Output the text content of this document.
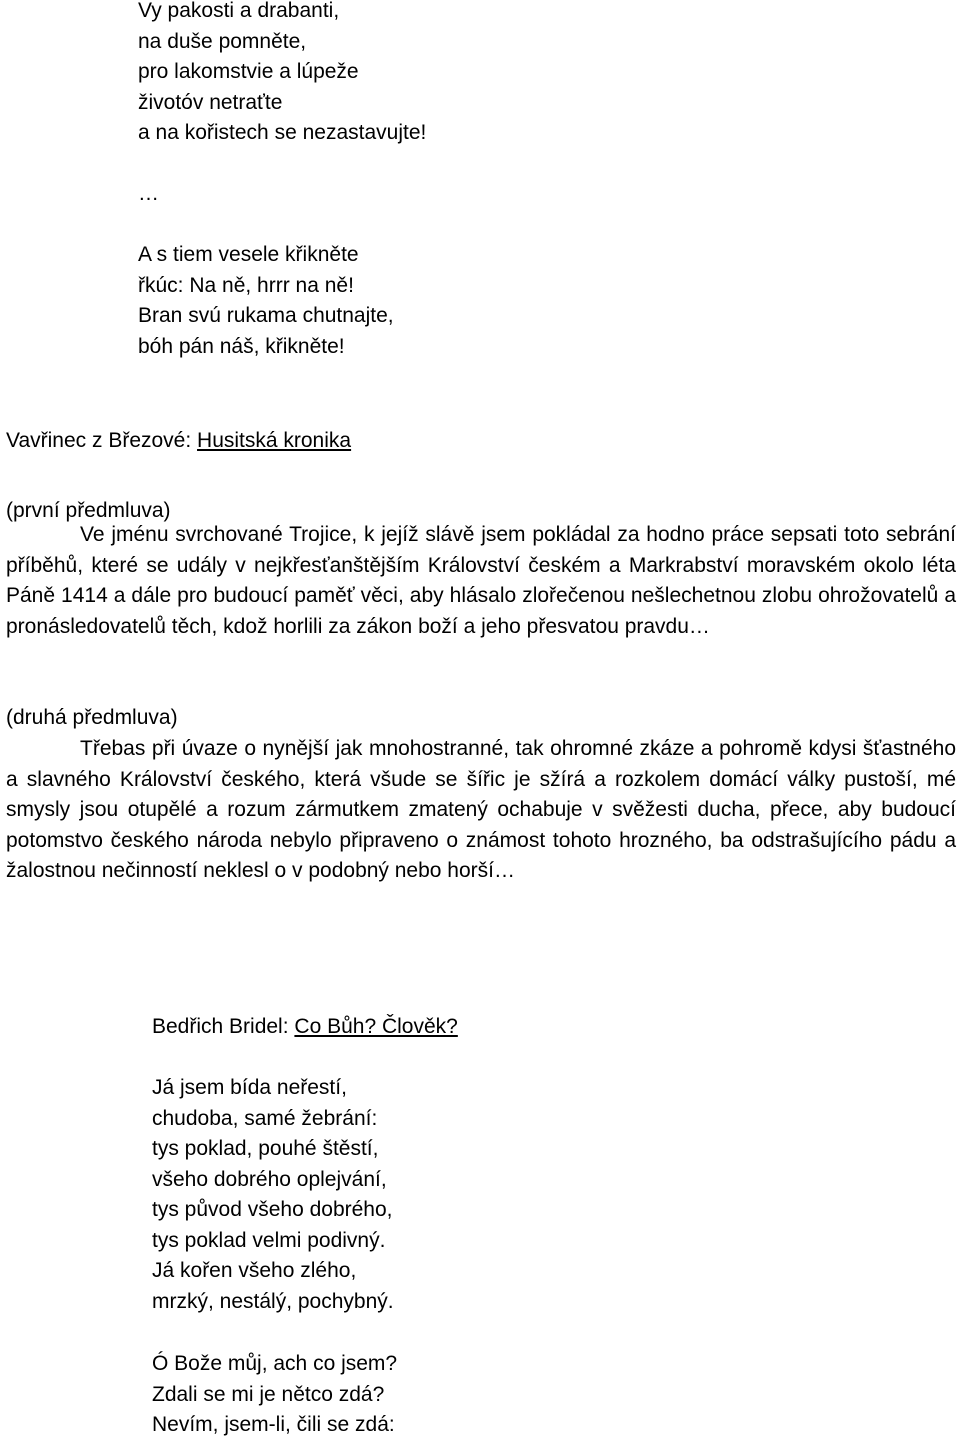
Vy pakosti a drabanti,
na duše pomněte,
pro lakomstvie a lúpeže
životóv netraťte
a na kořistech se nezastavujte!
…
A s tiem vesele křikněte
řkúc: Na ně, hrrr na ně!
Bran svú rukama chutnajte,
bóh pán náš, křikněte!

Vavřinec z Březové: Husitská kronika

(první předmluva)

Ve jménu svrchované Trojice, k jejíž slávě jsem pokládal za hodno práce sepsati toto sebrání příběhů, které se udály v nejkřesťanštějším Království českém a Markrabství moravském okolo léta Páně 1414 a dále pro budoucí paměť věci, aby hlásalo zlořečenou nešlechetnou zlobu ohrožovatelů a pronásledovatelů těch, kdož horlili za zákon boží a jeho přesvatou pravdu…

(druhá předmluva)

Třebas při úvaze o nynější jak mnohostranné, tak ohromné zkáze a pohromě kdysi šťastného a slavného Království českého, která všude se šířic je sžírá a rozkolem domácí války pustoší, mé smysly jsou otupělé a rozum zármutkem zmatený ochabuje v svěžesti ducha, přece, aby budoucí potomstvo českého národa nebylo připraveno o známost tohoto hrozného, ba odstrašujícího pádu a žalostnou nečinností neklesl o v podobný nebo horší…

Bedřich Bridel: Co Bůh? Člověk?

Já jsem bída neřestí,
chudoba, samé žebrání:
tys poklad, pouhé štěstí,
všeho dobrého oplejvání,
tys původ všeho dobrého,
tys poklad velmi podivný.
Já kořen všeho zlého,
mrzký, nestálý, pochybný.
Ó Bože můj, ach co jsem?
Zdali se mi je nětco zdá?
Nevím, jsem-li, čili se zdá:
